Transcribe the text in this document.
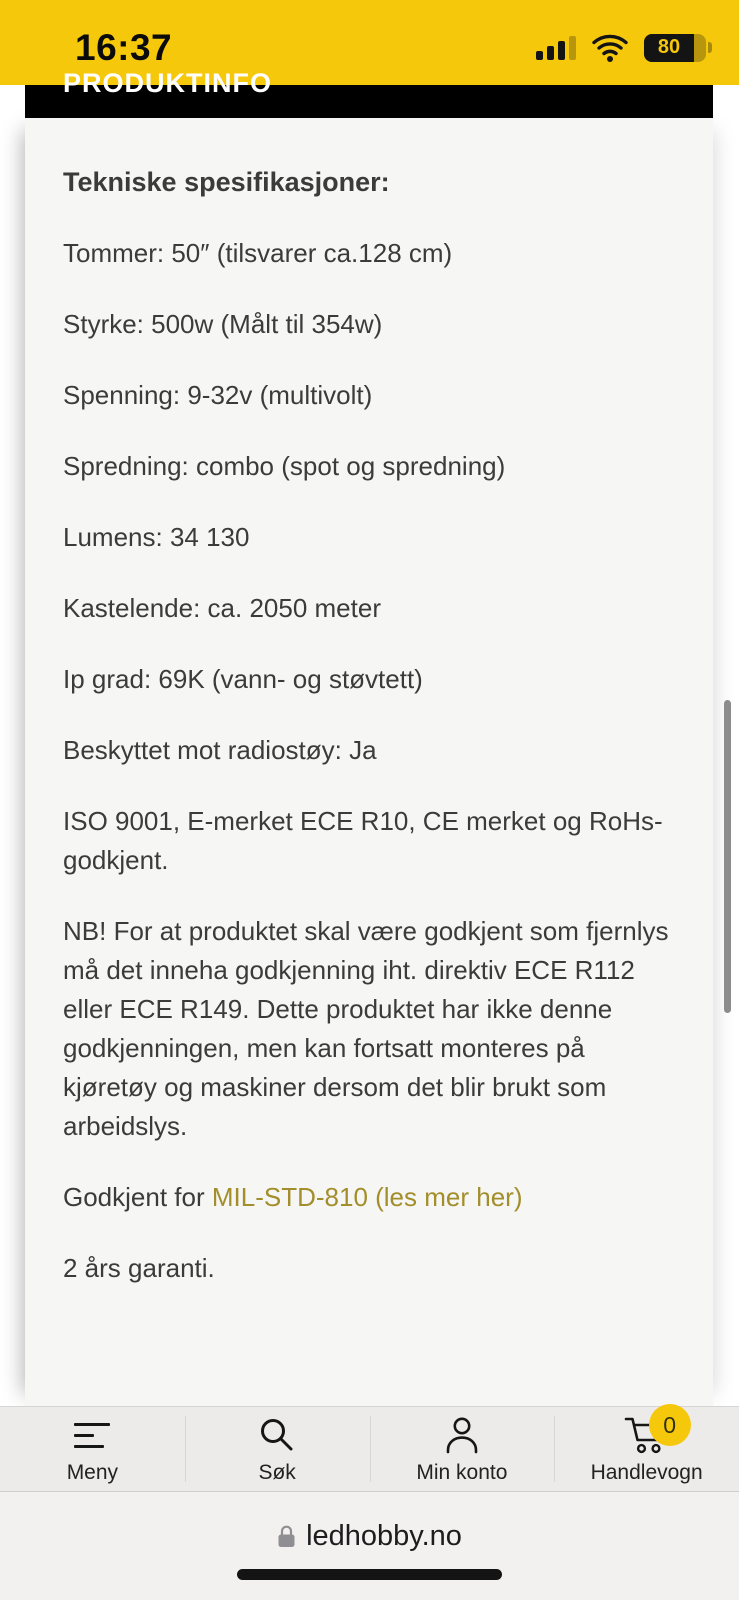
16:37	80
PRODUKTINFO

Tekniske spesifikasjoner:

Tommer: 50″ (tilsvarer ca.128 cm)

Styrke: 500w (Målt til 354w)

Spenning: 9-32v (multivolt)

Spredning: combo (spot og spredning)

Lumens: 34 130

Kastelende: ca. 2050 meter

Ip grad: 69K (vann- og støvtett)

Beskyttet mot radiostøy: Ja

ISO 9001, E-merket ECE R10, CE merket og RoHs-godkjent.

NB! For at produktet skal være godkjent som fjernlys må det inneha godkjenning iht. direktiv ECE R112 eller ECE R149. Dette produktet har ikke denne godkjenningen, men kan fortsatt monteres på kjøretøy og maskiner dersom det blir brukt som arbeidslys.

Godkjent for MIL-STD-810 (les mer her)

2 års garanti.

Meny	Søk	Min konto
0
Handlevogn
ledhobby.no
